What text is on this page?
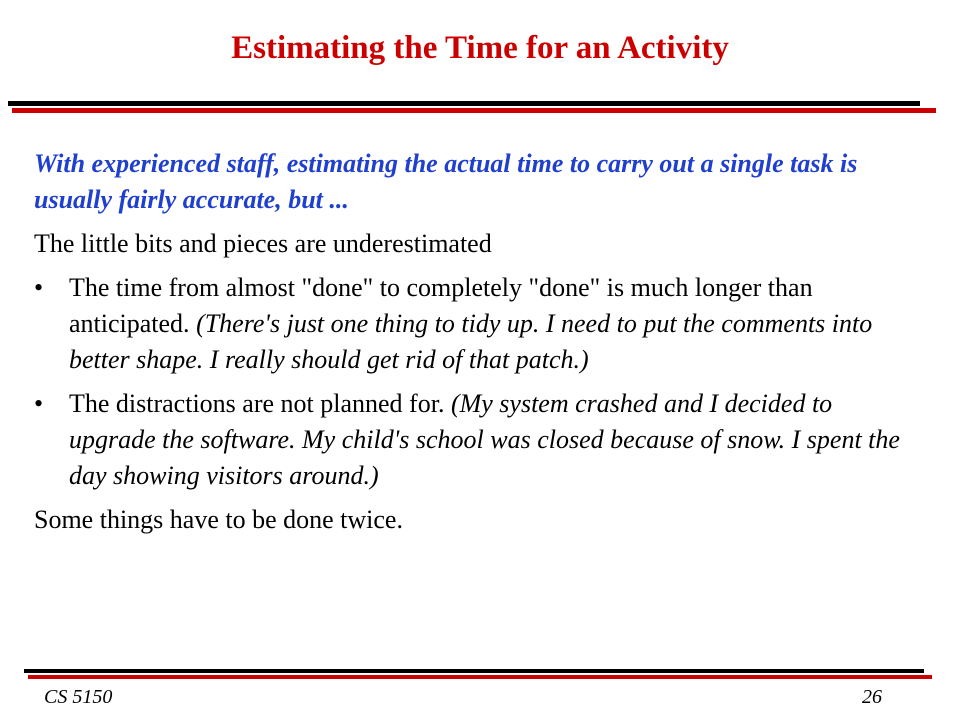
Estimating the Time for an Activity

With experienced staff, estimating the actual time to carry out a single task is usually fairly accurate, but ...

The little bits and pieces are underestimated

• The time from almost "done" to completely "done" is much longer than anticipated. (There's just one thing to tidy up. I need to put the comments into better shape. I really should get rid of that patch.)
• The distractions are not planned for. (My system crashed and I decided to upgrade the software. My child's school was closed because of snow. I spent the day showing visitors around.)

Some things have to be done twice.

CS 5150	26
